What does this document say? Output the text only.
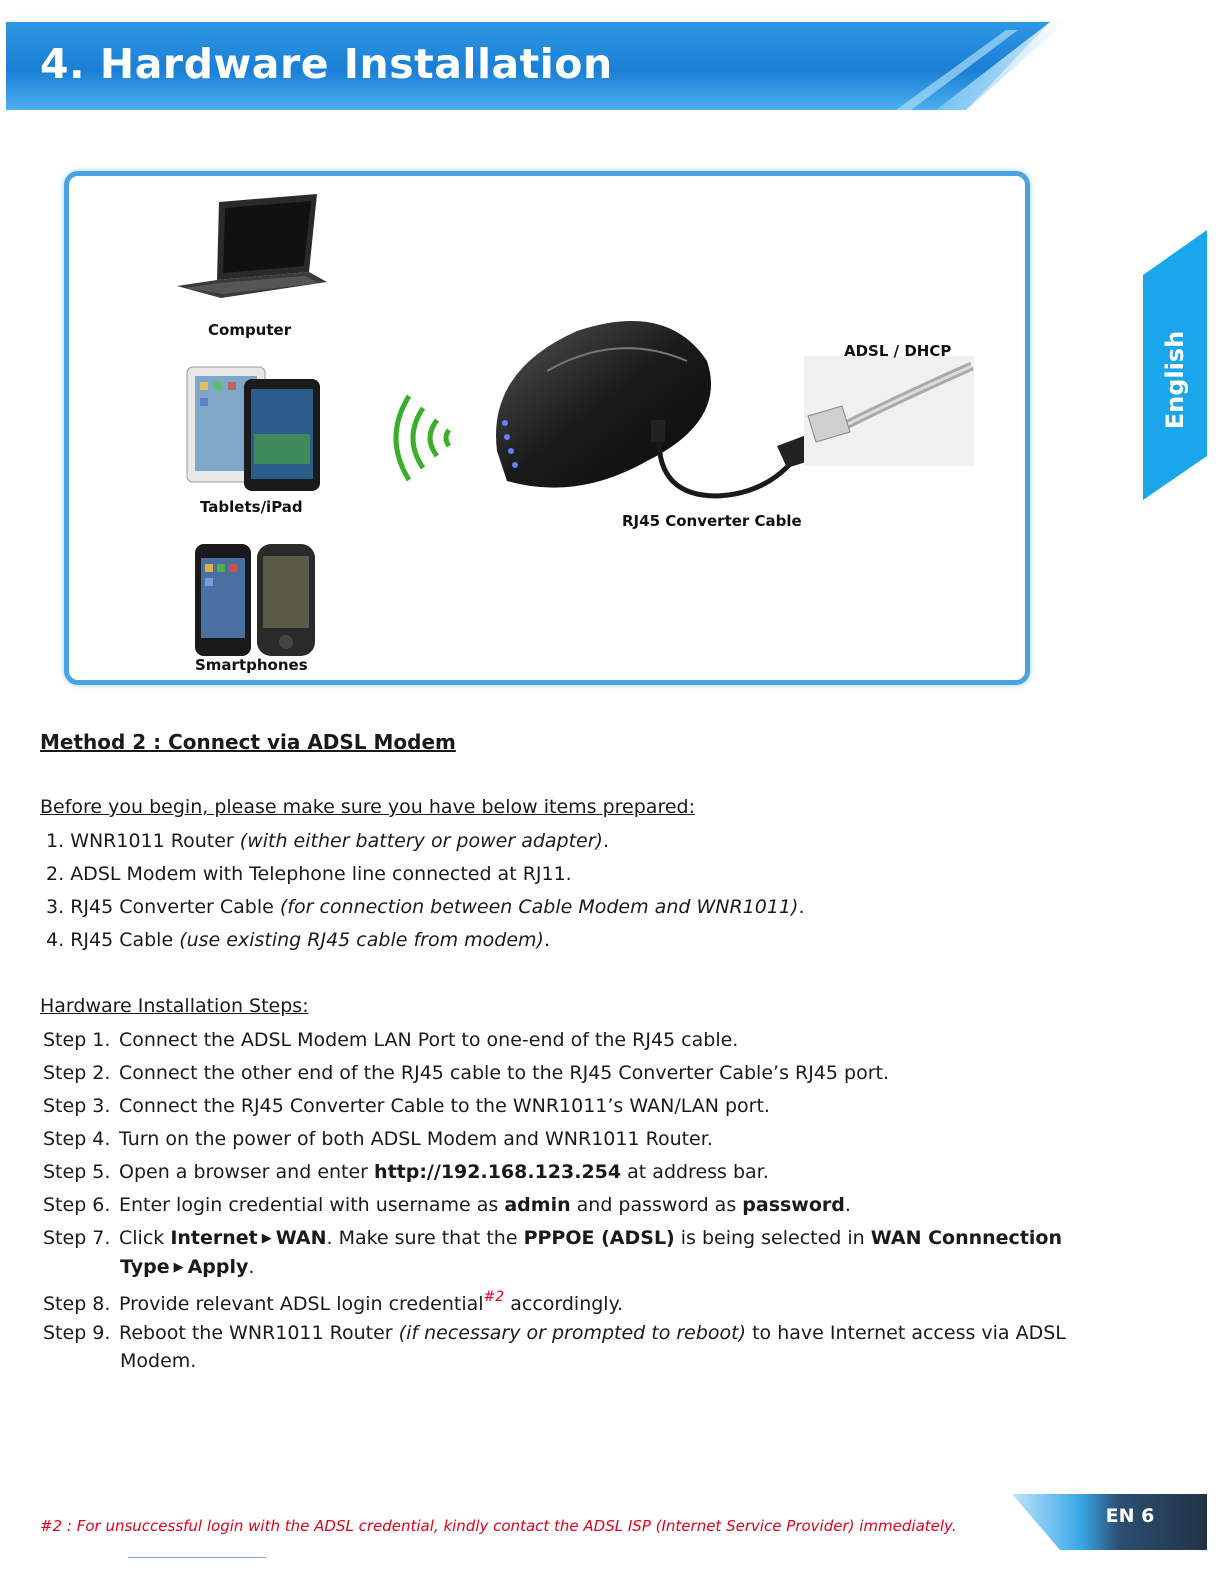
4. Hardware Installation
English
Computer
Tablets/iPad
Smartphones
ADSL / DHCP
RJ45 Converter Cable
Method 2 : Connect via ADSL Modem
Before you begin, please make sure you have below items prepared:
1. WNR1011 Router (with either battery or power adapter).
2. ADSL Modem with Telephone line connected at RJ11.
3. RJ45 Converter Cable (for connection between Cable Modem and WNR1011).
4. RJ45 Cable (use existing RJ45 cable from modem).
Hardware Installation Steps:
Step 1. Connect the ADSL Modem LAN Port to one-end of the RJ45 cable.
Step 2. Connect the other end of the RJ45 cable to the RJ45 Converter Cable’s RJ45 port.
Step 3. Connect the RJ45 Converter Cable to the WNR1011’s WAN/LAN port.
Step 4. Turn on the power of both ADSL Modem and WNR1011 Router.
Step 5. Open a browser and enter http://192.168.123.254 at address bar.
Step 6. Enter login credential with username as admin and password as password.
Step 7. Click Internet ▶ WAN. Make sure that the PPPOE (ADSL) is being selected in WAN Connnection
Type ▶ Apply.
Step 8. Provide relevant ADSL login credential$^{\#2}$ accordingly.
Step 9. Reboot the WNR1011 Router (if necessary or prompted to reboot) to have Internet access via ADSL
Modem.
#2 : For unsuccessful login with the ADSL credential, kindly contact the ADSL ISP (Internet Service Provider) immediately.	EN 6
